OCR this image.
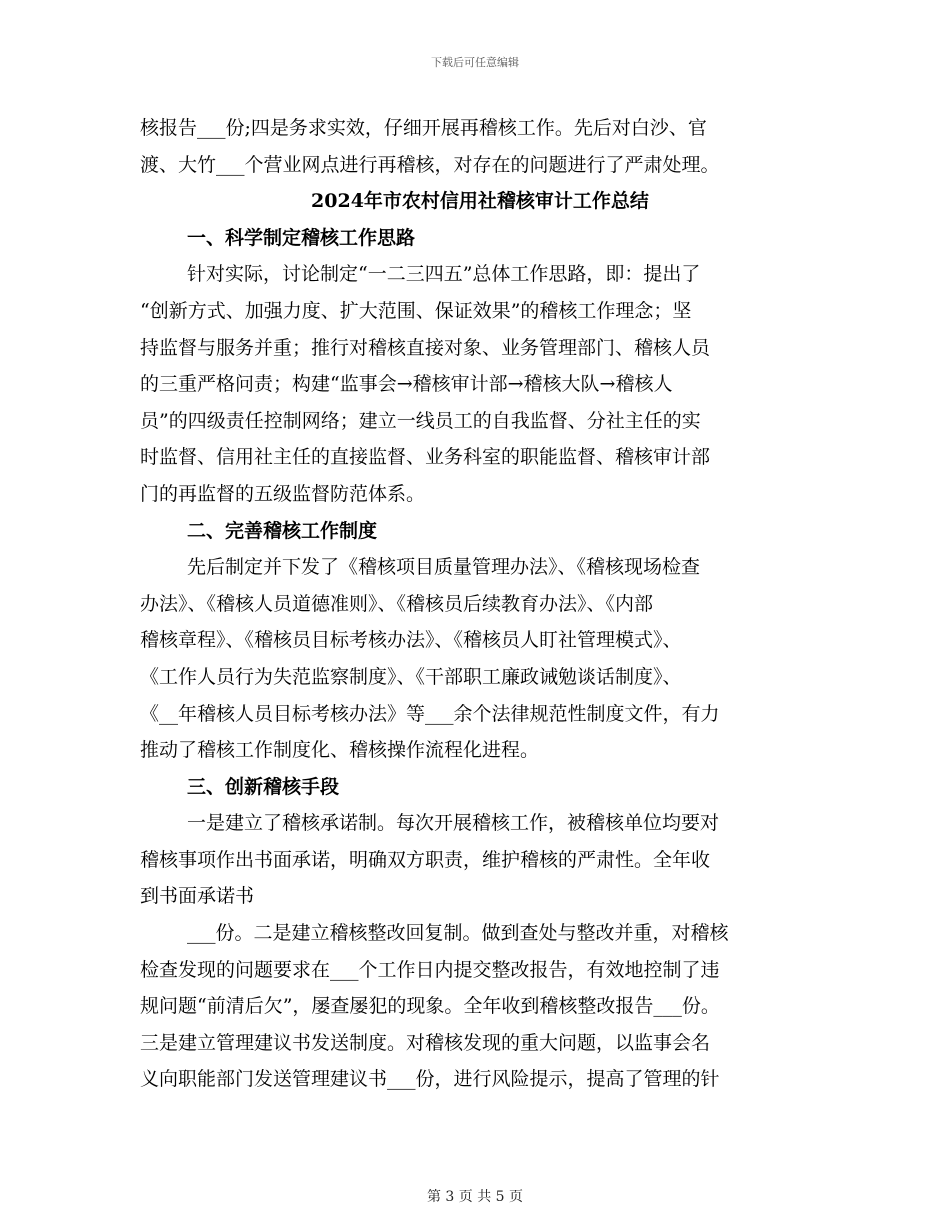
下载后可任意编辑
核报告___份;四是务求实效，仔细开展再稽核工作。先后对白沙、官
渡、大竹___个营业网点进行再稽核，对存在的问题进行了严肃处理。
2024年市农村信用社稽核审计工作总结
一、科学制定稽核工作思路
针对实际，讨论制定“一二三四五”总体工作思路，即：提出了
“创新方式、加强力度、扩大范围、保证效果”的稽核工作理念；坚
持监督与服务并重；推行对稽核直接对象、业务管理部门、稽核人员
的三重严格问责；构建“监事会→稽核审计部→稽核大队→稽核人
员”的四级责任控制网络；建立一线员工的自我监督、分社主任的实
时监督、信用社主任的直接监督、业务科室的职能监督、稽核审计部
门的再监督的五级监督防范体系。
二、完善稽核工作制度
先后制定并下发了《稽核项目质量管理办法》、《稽核现场检查
办法》、《稽核人员道德准则》、《稽核员后续教育办法》、《内部
稽核章程》、《稽核员目标考核办法》、《稽核员人盯社管理模式》、
《工作人员行为失范监察制度》、《干部职工廉政诫勉谈话制度》、
《__年稽核人员目标考核办法》等___余个法律规范性制度文件，有力
推动了稽核工作制度化、稽核操作流程化进程。
三、创新稽核手段
一是建立了稽核承诺制。每次开展稽核工作，被稽核单位均要对
稽核事项作出书面承诺，明确双方职责，维护稽核的严肃性。全年收
到书面承诺书
___份。二是建立稽核整改回复制。做到查处与整改并重，对稽核
检查发现的问题要求在___个工作日内提交整改报告，有效地控制了违
规问题“前清后欠”，屡查屡犯的现象。全年收到稽核整改报告___份。
三是建立管理建议书发送制度。对稽核发现的重大问题，以监事会名
义向职能部门发送管理建议书___份，进行风险提示，提高了管理的针
第 3 页 共 5 页
